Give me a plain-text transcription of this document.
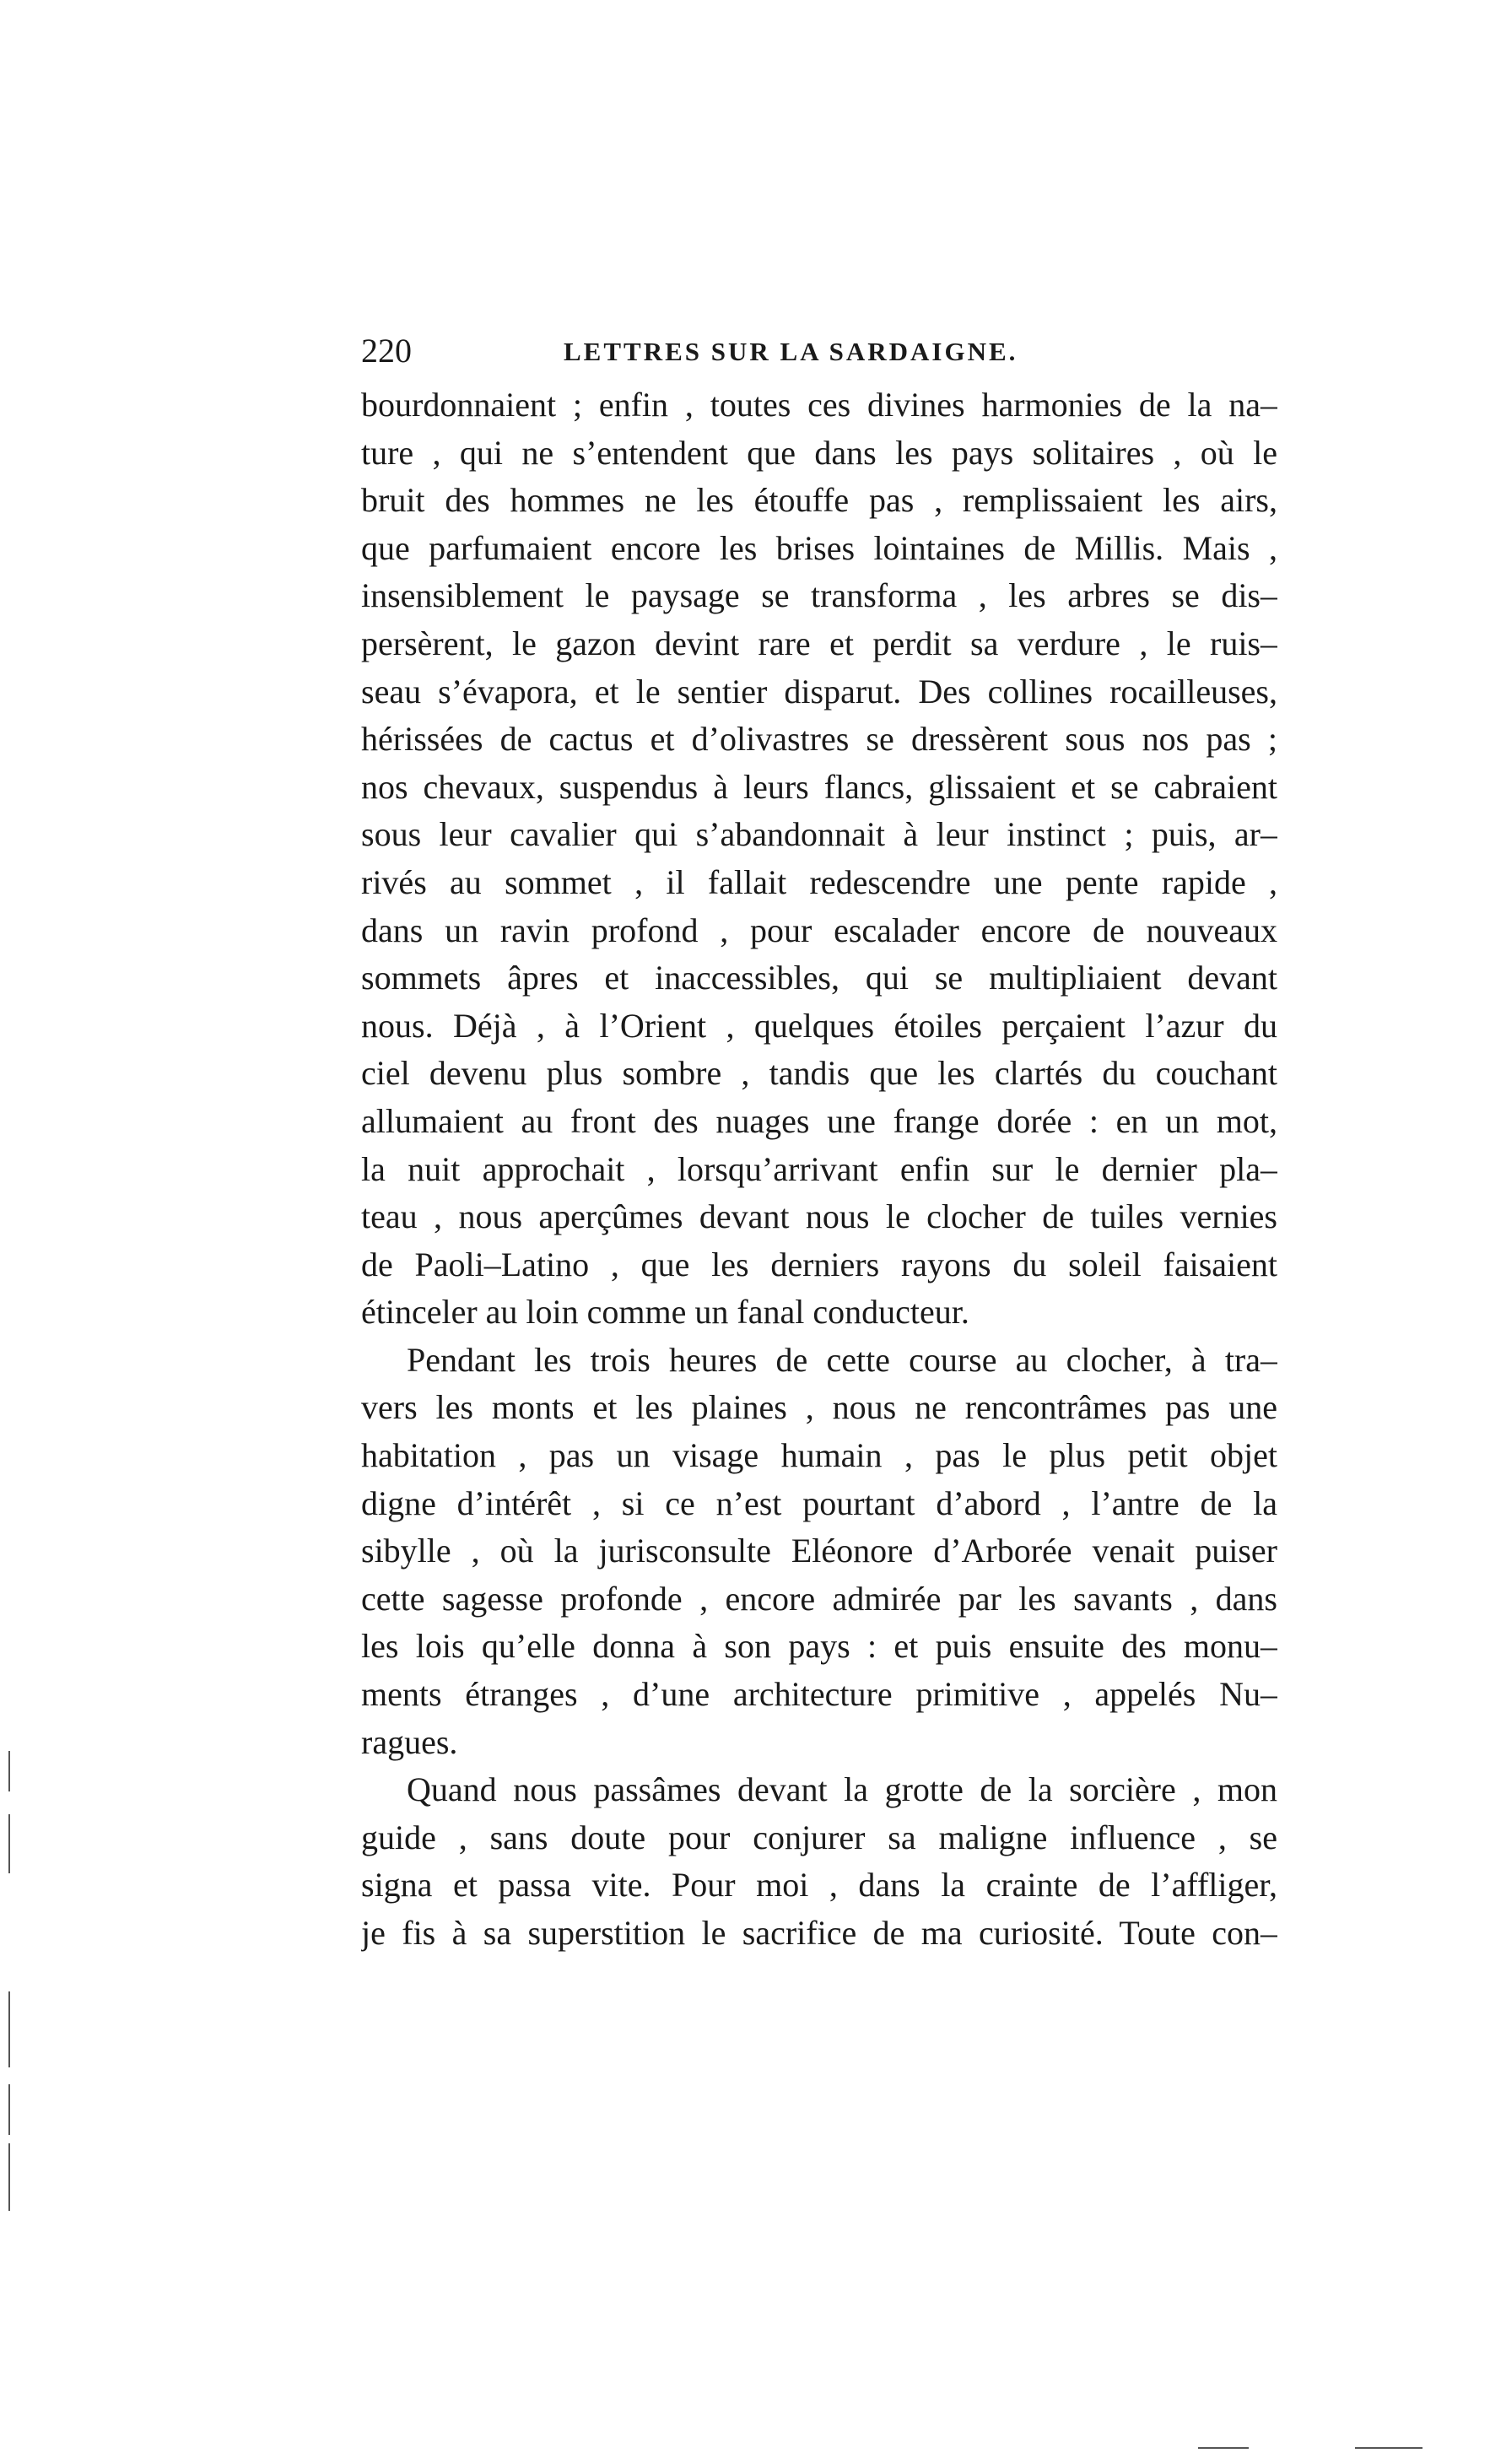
220	LETTRES SUR LA SARDAIGNE.
bourdonnaient ; enfin , toutes ces divines harmonies de la na–
ture , qui ne s’entendent que dans les pays solitaires , où le
bruit des hommes ne les étouffe pas , remplissaient les airs,
que parfumaient encore les brises lointaines de Millis. Mais ,
insensiblement le paysage se transforma , les arbres se dis–
persèrent, le gazon devint rare et perdit sa verdure , le ruis–
seau s’évapora, et le sentier disparut. Des collines rocailleuses,
hérissées de cactus et d’olivastres se dressèrent sous nos pas ;
nos chevaux, suspendus à leurs flancs, glissaient et se cabraient
sous leur cavalier qui s’abandonnait à leur instinct ; puis, ar–
rivés au sommet , il fallait redescendre une pente rapide ,
dans un ravin profond , pour escalader encore de nouveaux
sommets âpres et inaccessibles, qui se multipliaient devant
nous. Déjà , à l’Orient , quelques étoiles perçaient l’azur du
ciel devenu plus sombre , tandis que les clartés du couchant
allumaient au front des nuages une frange dorée : en un mot,
la nuit approchait , lorsqu’arrivant enfin sur le dernier pla–
teau , nous aperçûmes devant nous le clocher de tuiles vernies
de Paoli–Latino , que les derniers rayons du soleil faisaient
étinceler au loin comme un fanal conducteur.
Pendant les trois heures de cette course au clocher, à tra–
vers les monts et les plaines , nous ne rencontrâmes pas une
habitation , pas un visage humain , pas le plus petit objet
digne d’intérêt , si ce n’est pourtant d’abord , l’antre de la
sibylle , où la jurisconsulte Eléonore d’Arborée venait puiser
cette sagesse profonde , encore admirée par les savants , dans
les lois qu’elle donna à son pays : et puis ensuite des monu–
ments étranges , d’une architecture primitive , appelés Nu–
ragues.
Quand nous passâmes devant la grotte de la sorcière , mon
guide , sans doute pour conjurer sa maligne influence , se
signa et passa vite. Pour moi , dans la crainte de l’affliger,
je fis à sa superstition le sacrifice de ma curiosité. Toute con–
